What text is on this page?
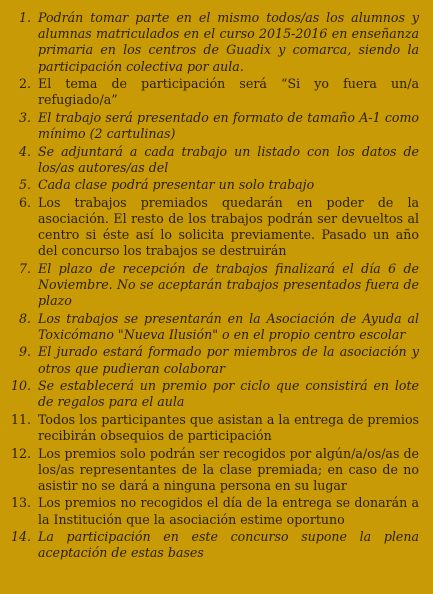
1. Podrán tomar parte en el mismo todos/as los alumnos y alumnas matriculados en el curso 2015-2016 en enseñanza primaria en los centros de Guadix y comarca, siendo la participación colectiva por aula.
2. El tema de participación será “Si yo fuera un/a refugiado/a”
3. El trabajo será presentado en formato de tamaño A-1 como mínimo (2 cartulinas)
4. Se adjuntará a cada trabajo un listado con los datos de los/as autores/as del
5. Cada clase podrá presentar un solo trabajo
6. Los trabajos premiados quedarán en poder de la asociación. El resto de los trabajos podrán ser devueltos al centro si éste así lo solicita previamente. Pasado un año del concurso los trabajos se destruirán
7. El plazo de recepción de trabajos finalizará el día 6 de Noviembre. No se aceptarán trabajos presentados fuera de plazo
8. Los trabajos se presentarán en la Asociación de Ayuda al Toxicómano "Nueva Ilusión" o en el propio centro escolar
9. El jurado estará formado por miembros de la asociación y otros que pudieran colaborar
10. Se establecerá un premio por ciclo que consistirá en lote de regalos para el aula
11. Todos los participantes que asistan a la entrega de premios recibirán obsequios de participación
12. Los premios solo podrán ser recogidos por algún/a/os/as de los/as representantes de la clase premiada; en caso de no asistir no se dará a ninguna persona en su lugar
13. Los premios no recogidos el día de la entrega se donarán a la Institución que la asociación estime oportuno
14. La participación en este concurso supone la plena aceptación de estas bases
